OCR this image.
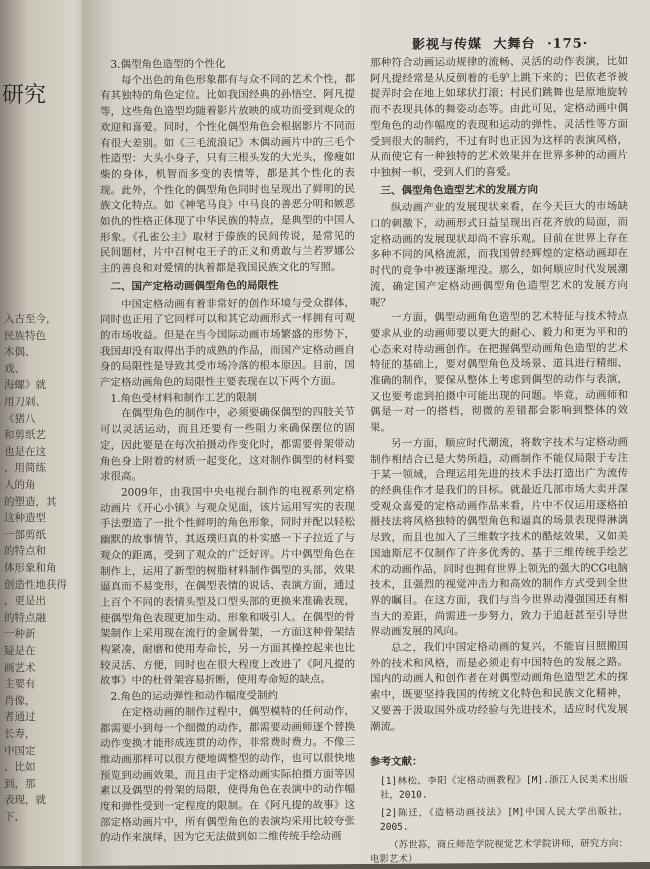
研究
入古至今，
民族特色
木偶、
戏、
海螺》就
用刀剁、
《猪八
和剪纸艺
也是在这
，用简练
人的角
的塑造，其
这种造型
一部剪纸
的特点和
体形象和角
创造性地获得
，更是出
的特点融
一种新
疑是在
画艺术
主要有
肖像，
者通过
长寿，
中国定
、比如
到，那
表现，就
下，
影视与传媒 大舞台 ·175·

3.偶型角色造型的个性化

每个出色的角色形象都有与众不同的艺术个性，都有其独特的角色定位。比如我国经典的孙悟空、阿凡提等，这些角色造型均随着影片放映的成功而受到观众的欢迎和喜爱。同时，个性化偶型角色会根据影片不同而有很大差别。如《三毛流浪记》木偶动画片中的三毛个性造型：大头小身子，只有三根头发的大光头，像瘦如柴的身体，机智而多变的表情等，都是其个性化的表现。此外，个性化的偶型角色同时也呈现出了鲜明的民族文化特点。如《神笔马良》中马良的善恶分明和嫉恶如仇的性格正体现了中华民族的特点，是典型的中国人形象。《孔雀公主》取材于傣族的民间传说，是常见的民间题材，片中召树屯王子的正义和勇敢与兰若罗娜公主的善良和对爱情的执着都是我国民族文化的写照。

二、国产定格动画偶型角色的局限性

中国定格动画有着非常好的创作环境与受众群体，同时也正用了它同样可以和其它动画形式一样拥有可观的市场收益。但是在当今国际动画市场繁盛的形势下，我国却没有取得出手的成熟的作品，而国产定格动画自身的局限性是导致其受市场冷落的根本原因。目前，国产定格动画角色的局限性主要表现在以下两个方面。

1.角色受材料和制作工艺的限制

在偶型角色的制作中，必须要确保偶型的四肢关节可以灵活运动，而且还要有一些阻力来确保摆位的固定，因此要是在每次拍摄动作变化时，都需要骨架带动角色身上附着的材质一起变化，这对制作偶型的材料要求很高。

2009年，由我国中央电视台制作的电视系列定格动画片《开心小镇》与观众见面，该片运用写实的表现手法塑造了一批个性鲜明的角色形象，同时并配以轻松幽默的故事情节，其返璞归真的朴实感一下子拉近了与观众的距离，受到了观众的广泛好评。片中偶型角色在制作上，运用了新型的树脂材料制作偶型的头部，效果逼真而不易变形，在偶型表情的说话、表演方面，通过上百个不同的表情头型及口型头部的更换来准确表现，使偶型角色表现更加生动、形象和吸引人。在偶型的骨架制作上采用现在流行的金属骨架，一方面这种骨架结构紧凑，耐磨和使用寿命长，另一方面其操控起来也比较灵活、方便，同时也在很大程度上改进了《阿凡提的故事》中的杜骨架容易折断，使用寿命短的缺点。

2.角色的运动弹性和动作幅度受制约

在定格动画的制作过程中，偶型模特的任何动作，都需要小到每一个细微的动作，都需要动画师逐个替换动作变换才能形成连贯的动作，非常费时费力。不像三维动画那样可以很方便地调整型的动作，也可以很快地预览到动画效果，而且由于定格动画实际拍摄方面等因素以及偶型的骨架的局限，使得角色在表演中的动作幅度和弹性受到一定程度的限制。在《阿凡提的故事》这部定格动画片中，所有偶型角色的表演均采用比较夸张的动作来演绎，因为它无法做到如二维传统手绘动画

那种符合动画运动规律的流畅、灵活的动作表演，比如阿凡提经常是从反倒着的毛驴上跳下来的；巴依老爷被捉弄时会在地上如球状打滚；村民们跳舞也是原地旋转而不表现具体的舞姿动态等。由此可见，定格动画中偶型角色的动作幅度的表现和运动的弹性、灵活性等方面受到很大的制约，不过有时也正因为这样的表演风格，从而使它有一种独特的艺术效果并在世界多种的动画片中独树一帜，受到人们的喜爱。

三、偶型角色造型艺术的发展方向

纵动画产业的发展现状来看，在今天巨大的市场缺口的刺激下，动画形式日益呈现出百花齐放的局面，而定格动画的发展现状却尚不容乐观。目前在世界上存在多种不同的风格流派，而我国曾经辉煌的定格动画却在时代的竞争中被逐渐埋没。那么，如何顺应时代发展潮流，确定国产定格动画偶型角色造型艺术的发展方向呢？

一方面，偶型动画角色造型的艺术特征与技术特点要求从业的动画师要以更大的耐心、毅力和更为平和的心态来对待动画创作。在把握偶型动画角色造型的艺术特征的基础上，要对偶型角色及场景、道具进行精细、准确的制作，要保从整体上考虑到偶型的动作与表演，又也要考虑到拍摄中可能出现的问题。毕竟，动画师和偶是一对一的搭档，彻微的差错都会影响到整体的效果。

另一方面，顺应时代潮流，将数字技术与定格动画制作相结合已是大势所趋，动画制作不能仅局限于专注于某一领域，合理运用先进的技术手法打造出广为流传的经典佳作才是我们的目标。就最近几部市场大卖并深受观众喜爱的定格动画作品来看，片中不仅运用逐格拍摄技法将风格独特的偶型角色和逼真的场景表现得淋漓尽致，而且也加入了三维数字技术的酷炫效果，又如美国迪斯尼不仅制作了许多优秀的、基于三维传统手绘艺术的动画作品，同时也拥有世界上领先的强大的CG电脑技术，且强烈的视觉冲击力和高效的制作方式受到全世界的瞩目。在这方面，我们与当今世界动漫强国还有相当大的差距，尚需进一步努力，致力于追赶甚至引导世界动画发展的风向。

总之，我们中国定格动画的复兴，不能盲目照搬国外的技术和风格，而是必须走有中国特色的发展之路。国内的动画人和创作者在对偶型动画角色造型艺术的探索中，既要坚持我国的传统文化特色和民族文化精神，又要善于汲取国外成功经验与先进技术，适应时代发展潮流。

参考文献：

[1]林松、李阳《定格动画教程》[M].浙江人民美术出版社，2010.

[2]陈迁，《造格动画技法》[M]中国人民大学出版社，2005.

（苏世荪，商丘师范学院视觉艺术学院讲师，研究方向：电影艺术）
